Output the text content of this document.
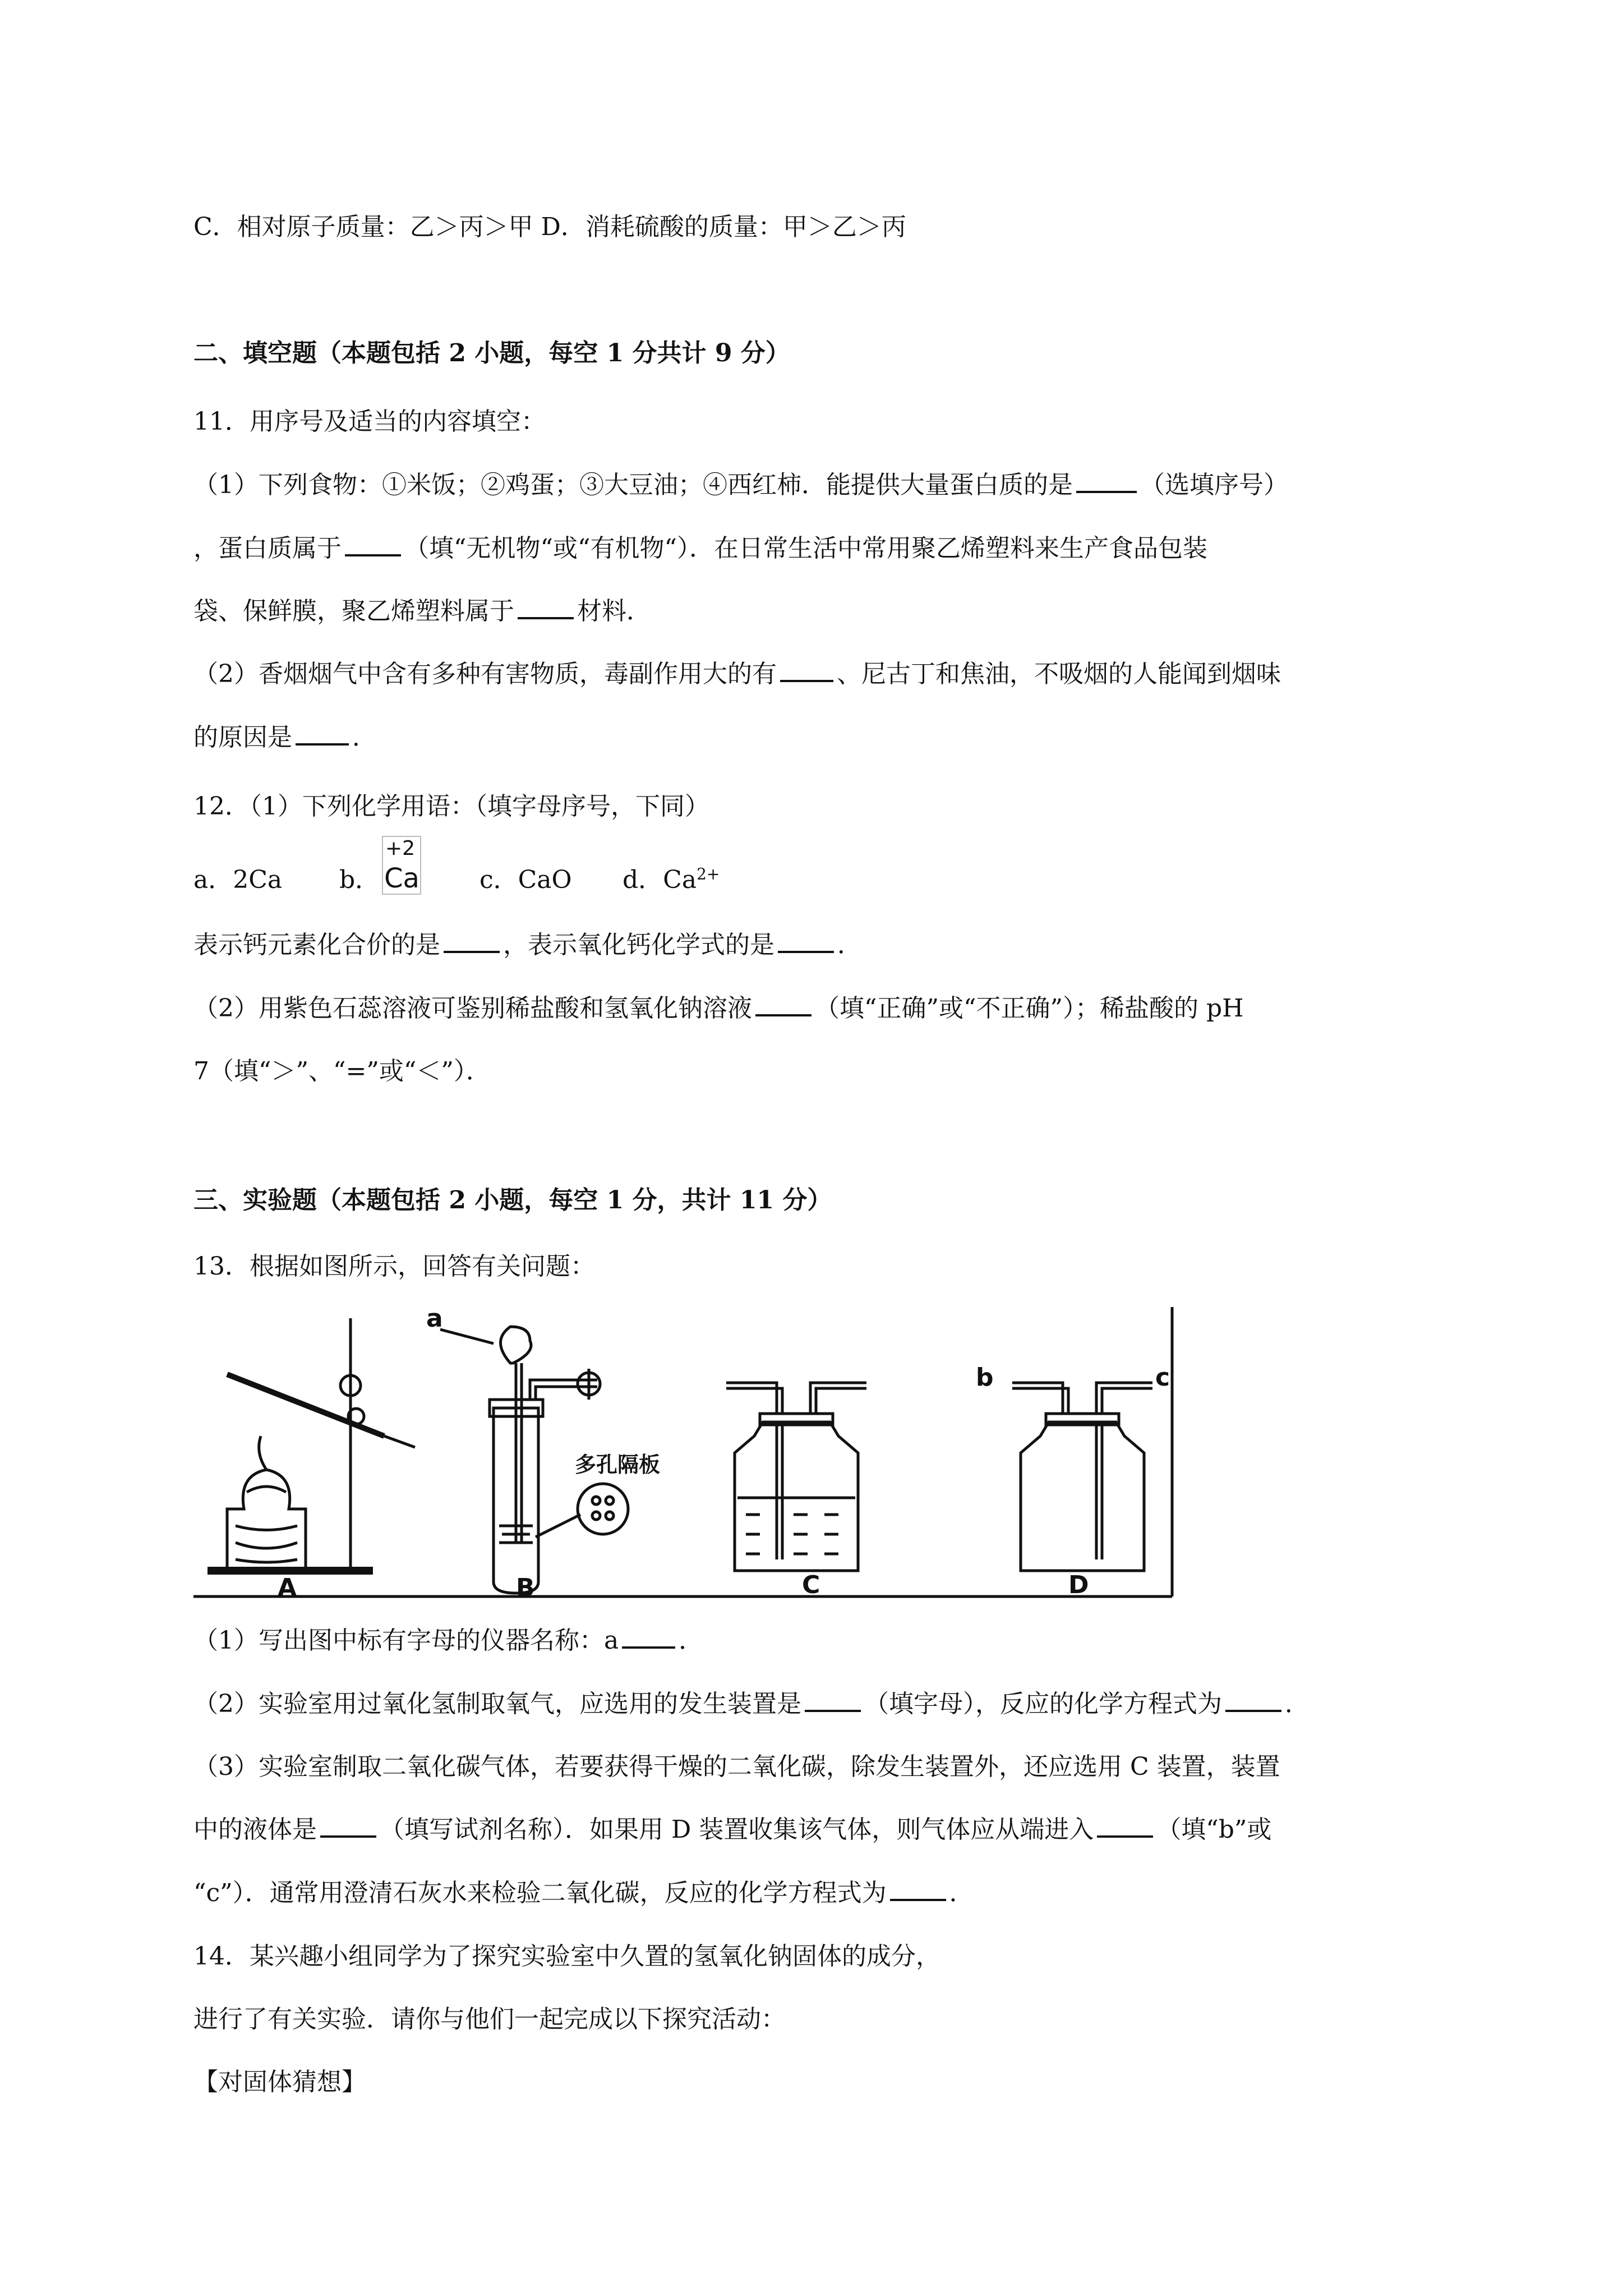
C．相对原子质量：乙＞丙＞甲 D．消耗硫酸的质量：甲＞乙＞丙
二、填空题（本题包括 2 小题，每空 1 分共计 9 分）
11．用序号及适当的内容填空：
（1）下列食物：①米饭；②鸡蛋；③大豆油；④西红柿．能提供大量蛋白质的是	（选填序号）
，蛋白质属于	（填“无机物“或“有机物“）．在日常生活中常用聚乙烯塑料来生产食品包装
袋、保鲜膜，聚乙烯塑料属于	材料．
（2）香烟烟气中含有多种有害物质，毒副作用大的有 、尼古丁和焦油，不吸烟的人能闻到烟味
的原因是 ．
12．（1）下列化学用语：（填字母序号，下同）
a．2Ca b．
+2
Ca c．CaO d．$Ca^{2+}$
表示钙元素化合价的是	，表示氧化钙化学式的是	．
（2）用紫色石蕊溶液可鉴别稀盐酸和氢氧化钠溶液	（填“正确”或“不正确”）；稀盐酸的 pH
7（填“＞”、“=”或“＜”）．
三、实验题（本题包括 2 小题，每空 1 分，共计 11 分）
13．根据如图所示，回答有关问题：
a
b	c
多孔隔板
A	B	C	D
（1）写出图中标有字母的仪器名称：a ．
（2）实验室用过氧化氢制取氧气，应选用的发生装置是	（填字母），反应的化学方程式为	．
（3）实验室制取二氧化碳气体，若要获得干燥的二氧化碳，除发生装置外，还应选用 C 装置，装置
中的液体是	（填写试剂名称）．如果用 D 装置收集该气体，则气体应从端进入	（填“b”或
“c”）．通常用澄清石灰水来检验二氧化碳，反应的化学方程式为	．
14．某兴趣小组同学为了探究实验室中久置的氢氧化钠固体的成分，
进行了有关实验．请你与他们一起完成以下探究活动：
【对固体猜想】
